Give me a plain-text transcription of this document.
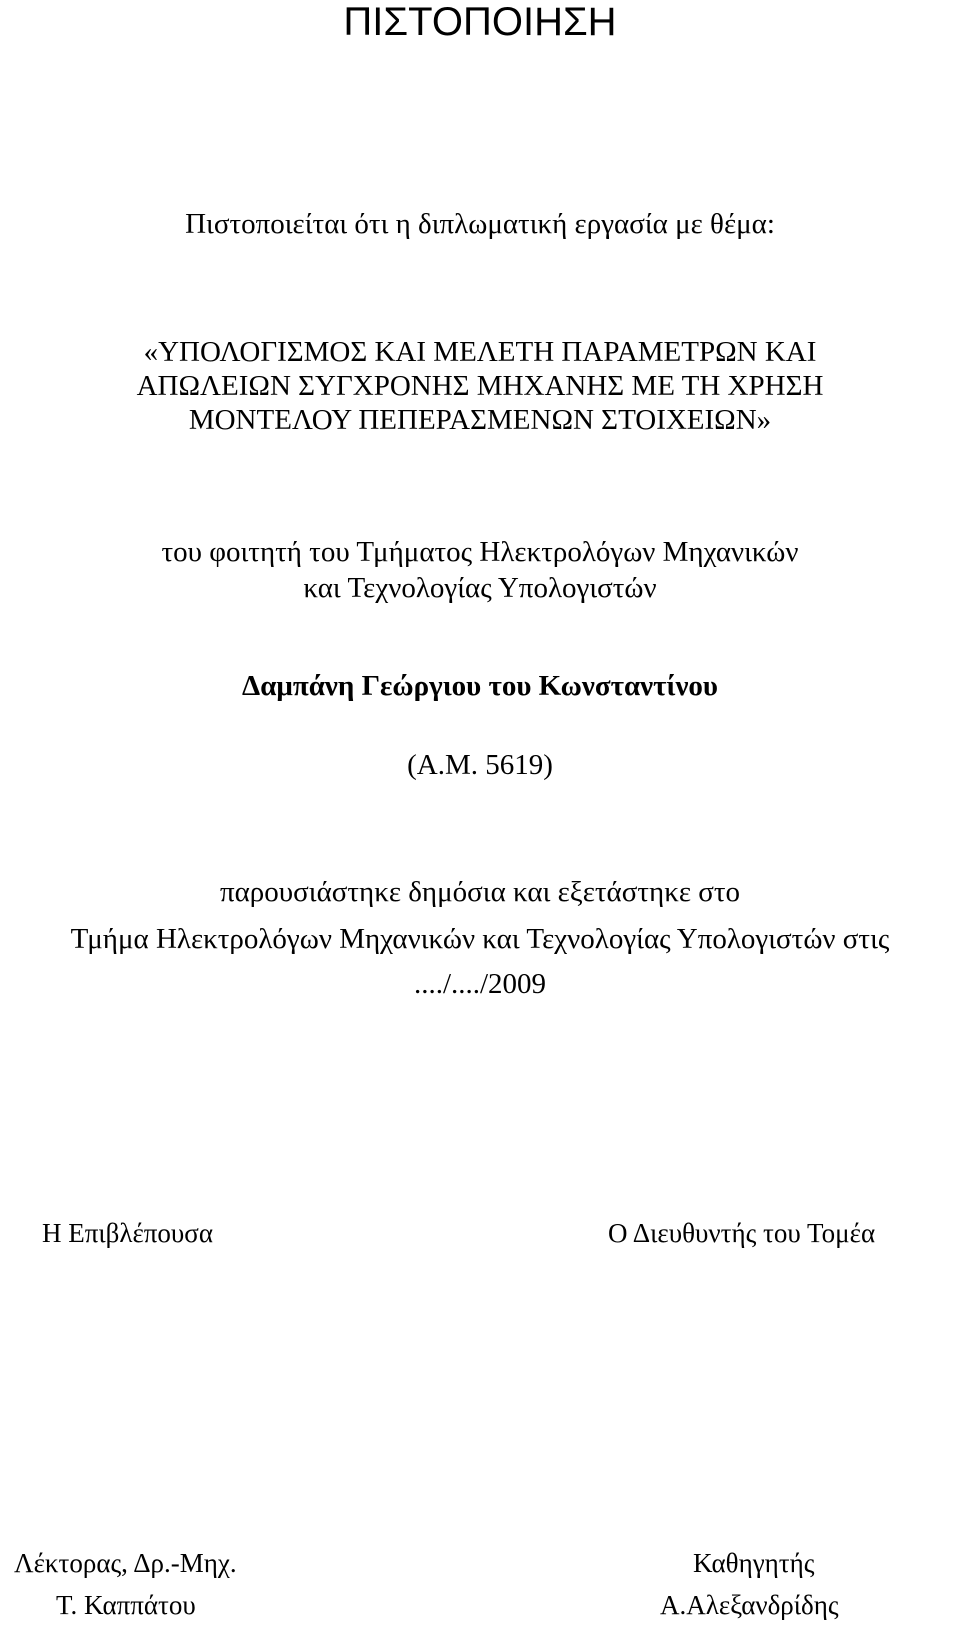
ΠΙΣΤΟΠΟΙΗΣΗ
Πιστοποιείται ότι η διπλωματική εργασία με θέμα:
«ΥΠΟΛΟΓΙΣΜΟΣ ΚΑΙ ΜΕΛΕΤΗ ΠΑΡΑΜΕΤΡΩΝ ΚΑΙ
ΑΠΩΛΕΙΩΝ ΣΥΓΧΡΟΝΗΣ ΜΗΧΑΝΗΣ ΜΕ ΤΗ ΧΡΗΣΗ
ΜΟΝΤΕΛΟΥ ΠΕΠΕΡΑΣΜΕΝΩΝ ΣΤΟΙΧΕΙΩΝ»
του φοιτητή του Τμήματος Ηλεκτρολόγων Μηχανικών
και Τεχνολογίας Υπολογιστών
Δαμπάνη Γεώργιου του Κωνσταντίνου
(Α.Μ. 5619)
παρουσιάστηκε δημόσια και εξετάστηκε στο
Τμήμα Ηλεκτρολόγων Μηχανικών και Τεχνολογίας Υπολογιστών στις
..../..../2009
Η Επιβλέπουσα	Ο Διευθυντής του Τομέα
Λέκτορας, Δρ.-Μηχ.
Τ. Καππάτου
Καθηγητής
Α.Αλεξανδρίδης
